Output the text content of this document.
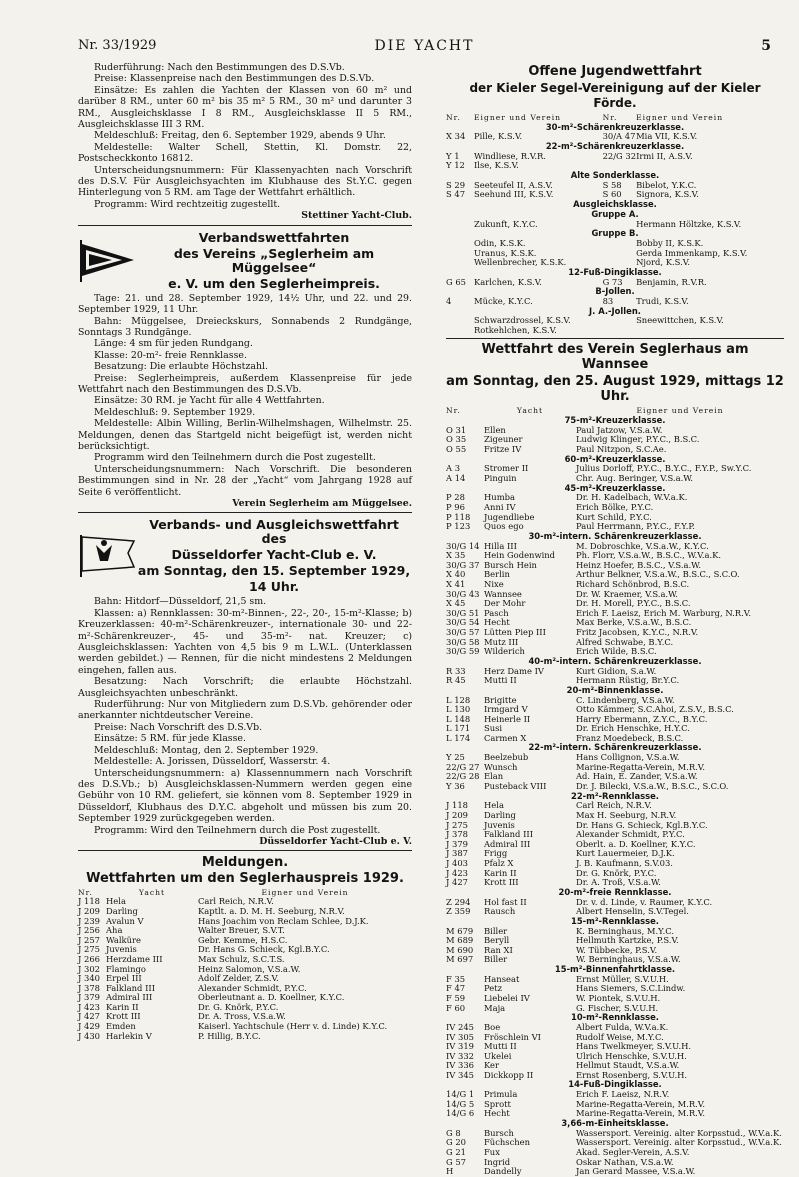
Nr. 33/1929	DIE YACHT	5

Ruderführung: Nach den Bestimmungen des D.S.Vb.

Preise: Klassenpreise nach den Bestimmungen des D.S.Vb.

Einsätze: Es zahlen die Yachten der Klassen von 60 m² und darüber 8 RM., unter 60 m² bis 35 m² 5 RM., 30 m² und darunter 3 RM., Ausgleichsklasse I 8 RM., Ausgleichsklasse II 5 RM., Ausgleichsklasse III 3 RM.

Meldeschluß: Freitag, den 6. September 1929, abends 9 Uhr.

Meldestelle: Walter Schell, Stettin, Kl. Domstr. 22, Postscheckkonto 16812.

Unterscheidungsnummern: Für Klassenyachten nach Vorschrift des D.S.V. Für Ausgleichsyachten im Klubhause des St.Y.C. gegen Hinterlegung von 5 RM. am Tage der Wettfahrt erhältlich.

Programm: Wird rechtzeitig zugestellt.

Stettiner Yacht-Club.

Verbandswettfahrten
des Vereins „Seglerheim am Müggelsee“
e. V. um den Seglerheimpreis.

Tage: 21. und 28. September 1929, 14½ Uhr, und 22. und 29. September 1929, 11 Uhr.

Bahn: Müggelsee, Dreieckskurs, Sonnabends 2 Rundgänge, Sonntags 3 Rundgänge.

Länge: 4 sm für jeden Rundgang.

Klasse: 20-m²- freie Rennklasse.

Besatzung: Die erlaubte Höchstzahl.

Preise: Seglerheimpreis, außerdem Klassenpreise für jede Wettfahrt nach den Bestimmungen des D.S.Vb.

Einsätze: 30 RM. je Yacht für alle 4 Wettfahrten.

Meldeschluß: 9. September 1929.

Meldestelle: Albin Willing, Berlin-Wilhelmshagen, Wilhelmstr. 25. Meldungen, denen das Startgeld nicht beigefügt ist, werden nicht berücksichtigt.

Programm wird den Teilnehmern durch die Post zugestellt.

Unterscheidungsnummern: Nach Vorschrift. Die besonderen Bestimmungen sind in Nr. 28 der „Yacht“ vom Jahrgang 1928 auf Seite 6 veröffentlicht.

Verein Seglerheim am Müggelsee.

Verbands- und Ausgleichswettfahrt des
Düsseldorfer Yacht-Club e. V.
am Sonntag, den 15. September 1929,
14 Uhr.

Bahn: Hitdorf—Düsseldorf, 21,5 sm.

Klassen: a) Rennklassen: 30-m²-Binnen-, 22-, 20-, 15-m²-Klasse; b) Kreuzerklassen: 40-m²-Schärenkreuzer-, internationale 30- und 22-m²-Schärenkreuzer-, 45- und 35-m²- nat. Kreuzer; c) Ausgleichsklassen: Yachten von 4,5 bis 9 m L.W.L. (Unterklassen werden gebildet.) — Rennen, für die nicht mindestens 2 Meldungen eingehen, fallen aus.

Besatzung: Nach Vorschrift; die erlaubte Höchstzahl. Ausgleichsyachten unbeschränkt.

Ruderführung: Nur von Mitgliedern zum D.S.Vb. gehörender oder anerkannter nichtdeutscher Vereine.

Preise: Nach Vorschrift des D.S.Vb.

Einsätze: 5 RM. für jede Klasse.

Meldeschluß: Montag, den 2. September 1929.

Meldestelle: A. Jorissen, Düsseldorf, Wasserstr. 4.

Unterscheidungsnummern: a) Klassennummern nach Vorschrift des D.S.Vb.; b) Ausgleichsklassen-Nummern werden gegen eine Gebühr von 10 RM. geliefert, sie können vom 8. September 1929 in Düsseldorf, Klubhaus des D.Y.C. abgeholt und müssen bis zum 20. September 1929 zurückgegeben werden.

Programm: Wird den Teilnehmern durch die Post zugestellt.

Düsseldorfer Yacht-Club e. V.

Meldungen.
Wettfahrten um den Seglerhauspreis 1929.
Nr.	Yacht	Eigner und Verein
J 118	Hela	Carl Reich, N.R.V.
J 209	Darling	Kaptlt. a. D. M. H. Seeburg, N.R.V.
J 239	Avalun V	Hans Joachim von Reclam Schlee, D.J.K.
J 256	Aha	Walter Breuer, S.V.T.
J 257	Walküre	Gebr. Kemme, H.S.C.
J 275	Juvenis	Dr. Hans G. Schieck, Kgl.B.Y.C.
J 266	Herzdame III	Max Schulz, S.C.T.S.
J 302	Flamingo	Heinz Salomon, V.S.a.W.
J 340	Erpel III	Adolf Zelder, Z.S.V.
J 378	Falkland III	Alexander Schmidt, P.Y.C.
J 379	Admiral III	Oberleutnant a. D. Koellner, K.Y.C.
J 423	Karin II	Dr. G. Knörk, P.Y.C.
J 427	Krott III	Dr. A. Tross, V.S.a.W.
J 429	Emden	Kaiserl. Yachtschule (Herr v. d. Linde) K.Y.C.
J 430	Harlekin V	P. Hillig, B.Y.C.
Offene Jugendwettfahrt
der Kieler Segel-Vereinigung auf der Kieler Förde.
Nr.	Eigner und Verein	Nr.	Eigner und Verein
30-m²-Schärenkreuzerklasse.			
X 34	Pille, K.S.V.	30/A 47	Mia VII, K.S.V.
22-m²-Schärenkreuzerklasse.			
Y 1	Windliese, R.V.R.	22/G 32	Irmi II, A.S.V.
Y 12	Ilse, K.S.V.		
Alte Sonderklasse.			
S 29	Seeteufel II, A.S.V.	S 58	Bibelot, Y.K.C.
S 47	Seehund III, K.S.V.	S 60	Signora, K.S.V.
Ausgleichsklasse.			
Gruppe A.			
	Zukunft, K.Y.C.		Hermann Höltzke, K.S.V.
Gruppe B.			
	Odin, K.S.K.		Bobby II, K.S.K.
	Uranus, K.S.K.		Gerda Immenkamp, K.S.V.
	Wellenbrecher, K.S.K.		Njord, K.S.V.
12-Fuß-Dingiklasse.			
G 65	Karlchen, K.S.V.	G 73	Benjamin, R.V.R.
B-Jollen.			
4	Mücke, K.Y.C.	83	Trudi, K.S.V.
J. A.-Jollen.			
	Schwarzdrossel, K.S.V.		Sneewittchen, K.S.V.
	Rotkehlchen, K.S.V.		
Wettfahrt des Verein Seglerhaus am Wannsee
am Sonntag, den 25. August 1929, mittags 12 Uhr.
Nr.	Yacht	Eigner und Verein
75-m²-Kreuzerklasse.		
O 31	Ellen	Paul Jatzow, V.S.a.W.
O 35	Zigeuner	Ludwig Klinger, P.Y.C., B.S.C.
O 55	Fritze IV	Paul Nitzpon, S.C.Ae.
60-m²-Kreuzerklasse.		
A 3	Stromer II	Julius Dorloff, P.Y.C., B.Y.C., F.Y.P., Sw.Y.C.
A 14	Pinguin	Chr. Aug. Beringer, V.S.a.W.
45-m²-Kreuzerklasse.		
P 28	Humba	Dr. H. Kadelbach, W.V.a.K.
P 96	Anni IV	Erich Bölke, P.Y.C.
P 118	Jugendliebe	Kurt Schild, P.Y.C.
P 123	Quos ego	Paul Herrmann, P.Y.C., F.Y.P.
30-m²-intern. Schärenkreuzerklasse.		
30/G 14	Hilla III	M. Dobroschke, V.S.a.W., K.Y.C.
X 35	Hein Godenwind	Ph. Florr, V.S.a.W., B.S.C., W.V.a.K.
30/G 37	Bursch Hein	Heinz Hoefer, B.S.C., V.S.a.W.
X 40	Berlin	Arthur Belkner, V.S.a.W., B.S.C., S.C.O.
X 41	Nixe	Richard Schönbrod, B.S.C.
30/G 43	Wannsee	Dr. W. Kraemer, V.S.a.W.
X 45	Der Mohr	Dr. H. Morell, P.Y.C., B.S.C.
30/G 51	Pasch	Erich F. Laeisz, Erich M. Warburg, N.R.V.
30/G 54	Hecht	Max Berke, V.S.a.W., B.S.C.
30/G 57	Lütten Piep III	Fritz Jacobsen, K.Y.C., N.R.V.
30/G 58	Mutz III	Alfred Schwabe, B.Y.C.
30/G 59	Wilderich	Erich Wilde, B.S.C.
40-m²-intern. Schärenkreuzerklasse.		
R 33	Herz Dame IV	Kurt Gidion, S.a.W.
R 45	Mutti II	Hermann Rüstig, Br.Y.C.
20-m²-Binnenklasse.		
L 128	Brigitte	C. Lindenberg, V.S.a.W.
L 130	Irmgard V	Otto Kämmer, S.C.Ahoi, Z.S.V., B.S.C.
L 148	Heinerle II	Harry Ebermann, Z.Y.C., B.Y.C.
L 171	Susi	Dr. Erich Henschke, H.Y.C.
L 174	Carmen X	Franz Moedebeck, B.S.C.
22-m²-intern. Schärenkreuzerklasse.		
Y 25	Beelzebub	Hans Collignon, V.S.a.W.
22/G 27	Wunsch	Marine-Regatta-Verein, M.R.V.
22/G 28	Elan	Ad. Hain, E. Zander, V.S.a.W.
Y 36	Pusteback VIII	Dr. J. Bilecki, V.S.a.W., B.S.C., S.C.O.
22-m²-Rennklasse.		
J 118	Hela	Carl Reich, N.R.V.
J 209	Darling	Max H. Seeburg, N.R.V.
J 275	Juvenis	Dr. Hans G. Schieck, Kgl.B.Y.C.
J 378	Falkland III	Alexander Schmidt, P.Y.C.
J 379	Admiral III	Oberlt. a. D. Koellner, K.Y.C.
J 387	Frigg	Kurt Lauermeier, D.J.K.
J 403	Pfalz X	J. B. Kaufmann, S.V.03.
J 423	Karin II	Dr. G. Knörk, P.Y.C.
J 427	Krott III	Dr. A. Troß, V.S.a.W.
20-m²-freie Rennklasse.		
Z 294	Hol fast II	Dr. v. d. Linde, v. Raumer, K.Y.C.
Z 359	Rausch	Albert Henselin, S.V.Tegel.
15-m²-Rennklasse.		
M 679	Biller	K. Berninghaus, M.Y.C.
M 689	Beryll	Hellmuth Kartzke, P.S.V.
M 690	Ran XI	W. Tübbecke, P.S.V.
M 697	Biller	W. Berninghaus, V.S.a.W.
15-m²-Binnenfahrtklasse.		
F 35	Hanseat	Ernst Müller, S.V.U.H.
F 47	Petz	Hans Siemers, S.C.Lindw.
F 59	Liebelei IV	W. Piontek, S.V.U.H.
F 60	Maja	G. Fischer, S.V.U.H.
10-m²-Rennklasse.		
IV 245	Boe	Albert Fulda, W.V.a.K.
IV 305	Fröschlein VI	Rudolf Weise, M.Y.C.
IV 319	Mutti II	Hans Twelkmeyer, S.V.U.H.
IV 332	Ukelei	Ulrich Henschke, S.V.U.H.
IV 336	Ker	Hellmut Staudt, V.S.a.W.
IV 345	Dickkopp II	Ernst Rosenberg, S.V.U.H.
14-Fuß-Dingiklasse.		
14/G 1	Primula	Erich F. Laeisz, N.R.V.
14/G 5	Sprott	Marine-Regatta-Verein, M.R.V.
14/G 6	Hecht	Marine-Regatta-Verein, M.R.V.
3,66-m-Einheitsklasse.		
G 8	Bursch	Wassersport. Vereinig. alter Korpsstud., W.V.a.K.
G 20	Füchschen	Wassersport. Vereinig. alter Korpsstud., W.V.a.K.
G 21	Fux	Akad. Segler-Verein, A.S.V.
G 57	Ingrid	Oskar Nathan, V.S.a.W.
H	Dandelly	Jan Gerard Massee, V.S.a.W.
